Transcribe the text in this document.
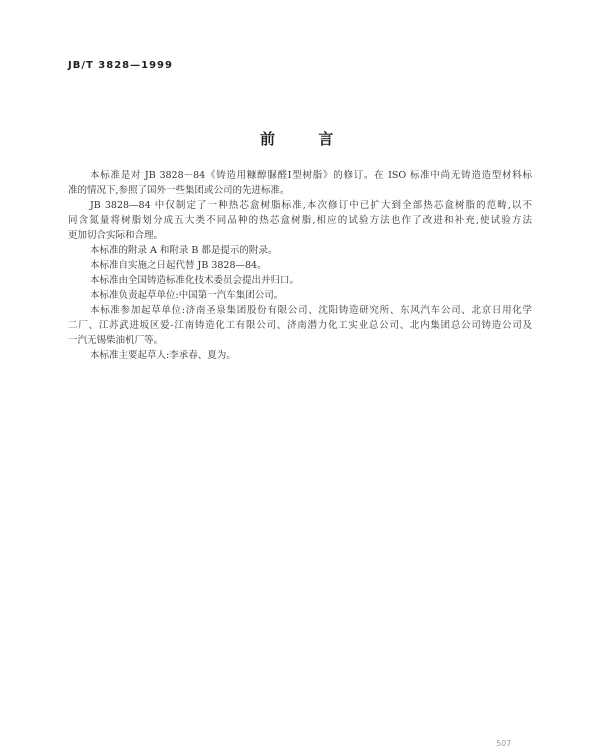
JB/T 3828—1999
前 言

本标准是对 JB 3828－84《铸造用糠醇脲醛Ⅰ型树脂》的修订。在 ISO 标准中尚无铸造造型材料标
准的情况下,参照了国外一些集团或公司的先进标准。

JB 3828—84 中仅制定了一种热芯盒树脂标准,本次修订中已扩大到全部热芯盒树脂的范畴,以不
同含氮量将树脂划分成五大类不同品种的热芯盒树脂,相应的试验方法也作了改进和补充,使试验方法
更加切合实际和合理。

本标准的附录 A 和附录 B 都是提示的附录。

本标准自实施之日起代替 JB 3828—84。

本标准由全国铸造标准化技术委员会提出并归口。

本标准负责起草单位:中国第一汽车集团公司。

本标准参加起草单位:济南圣泉集团股份有限公司、沈阳铸造研究所、东风汽车公司、北京日用化学
二厂、江苏武进坂区爱-江南铸造化工有限公司、济南潜力化工实业总公司、北内集团总公司铸造公司及
一汽无锡柴油机厂等。

本标准主要起草人:李承春、夏为。

507
